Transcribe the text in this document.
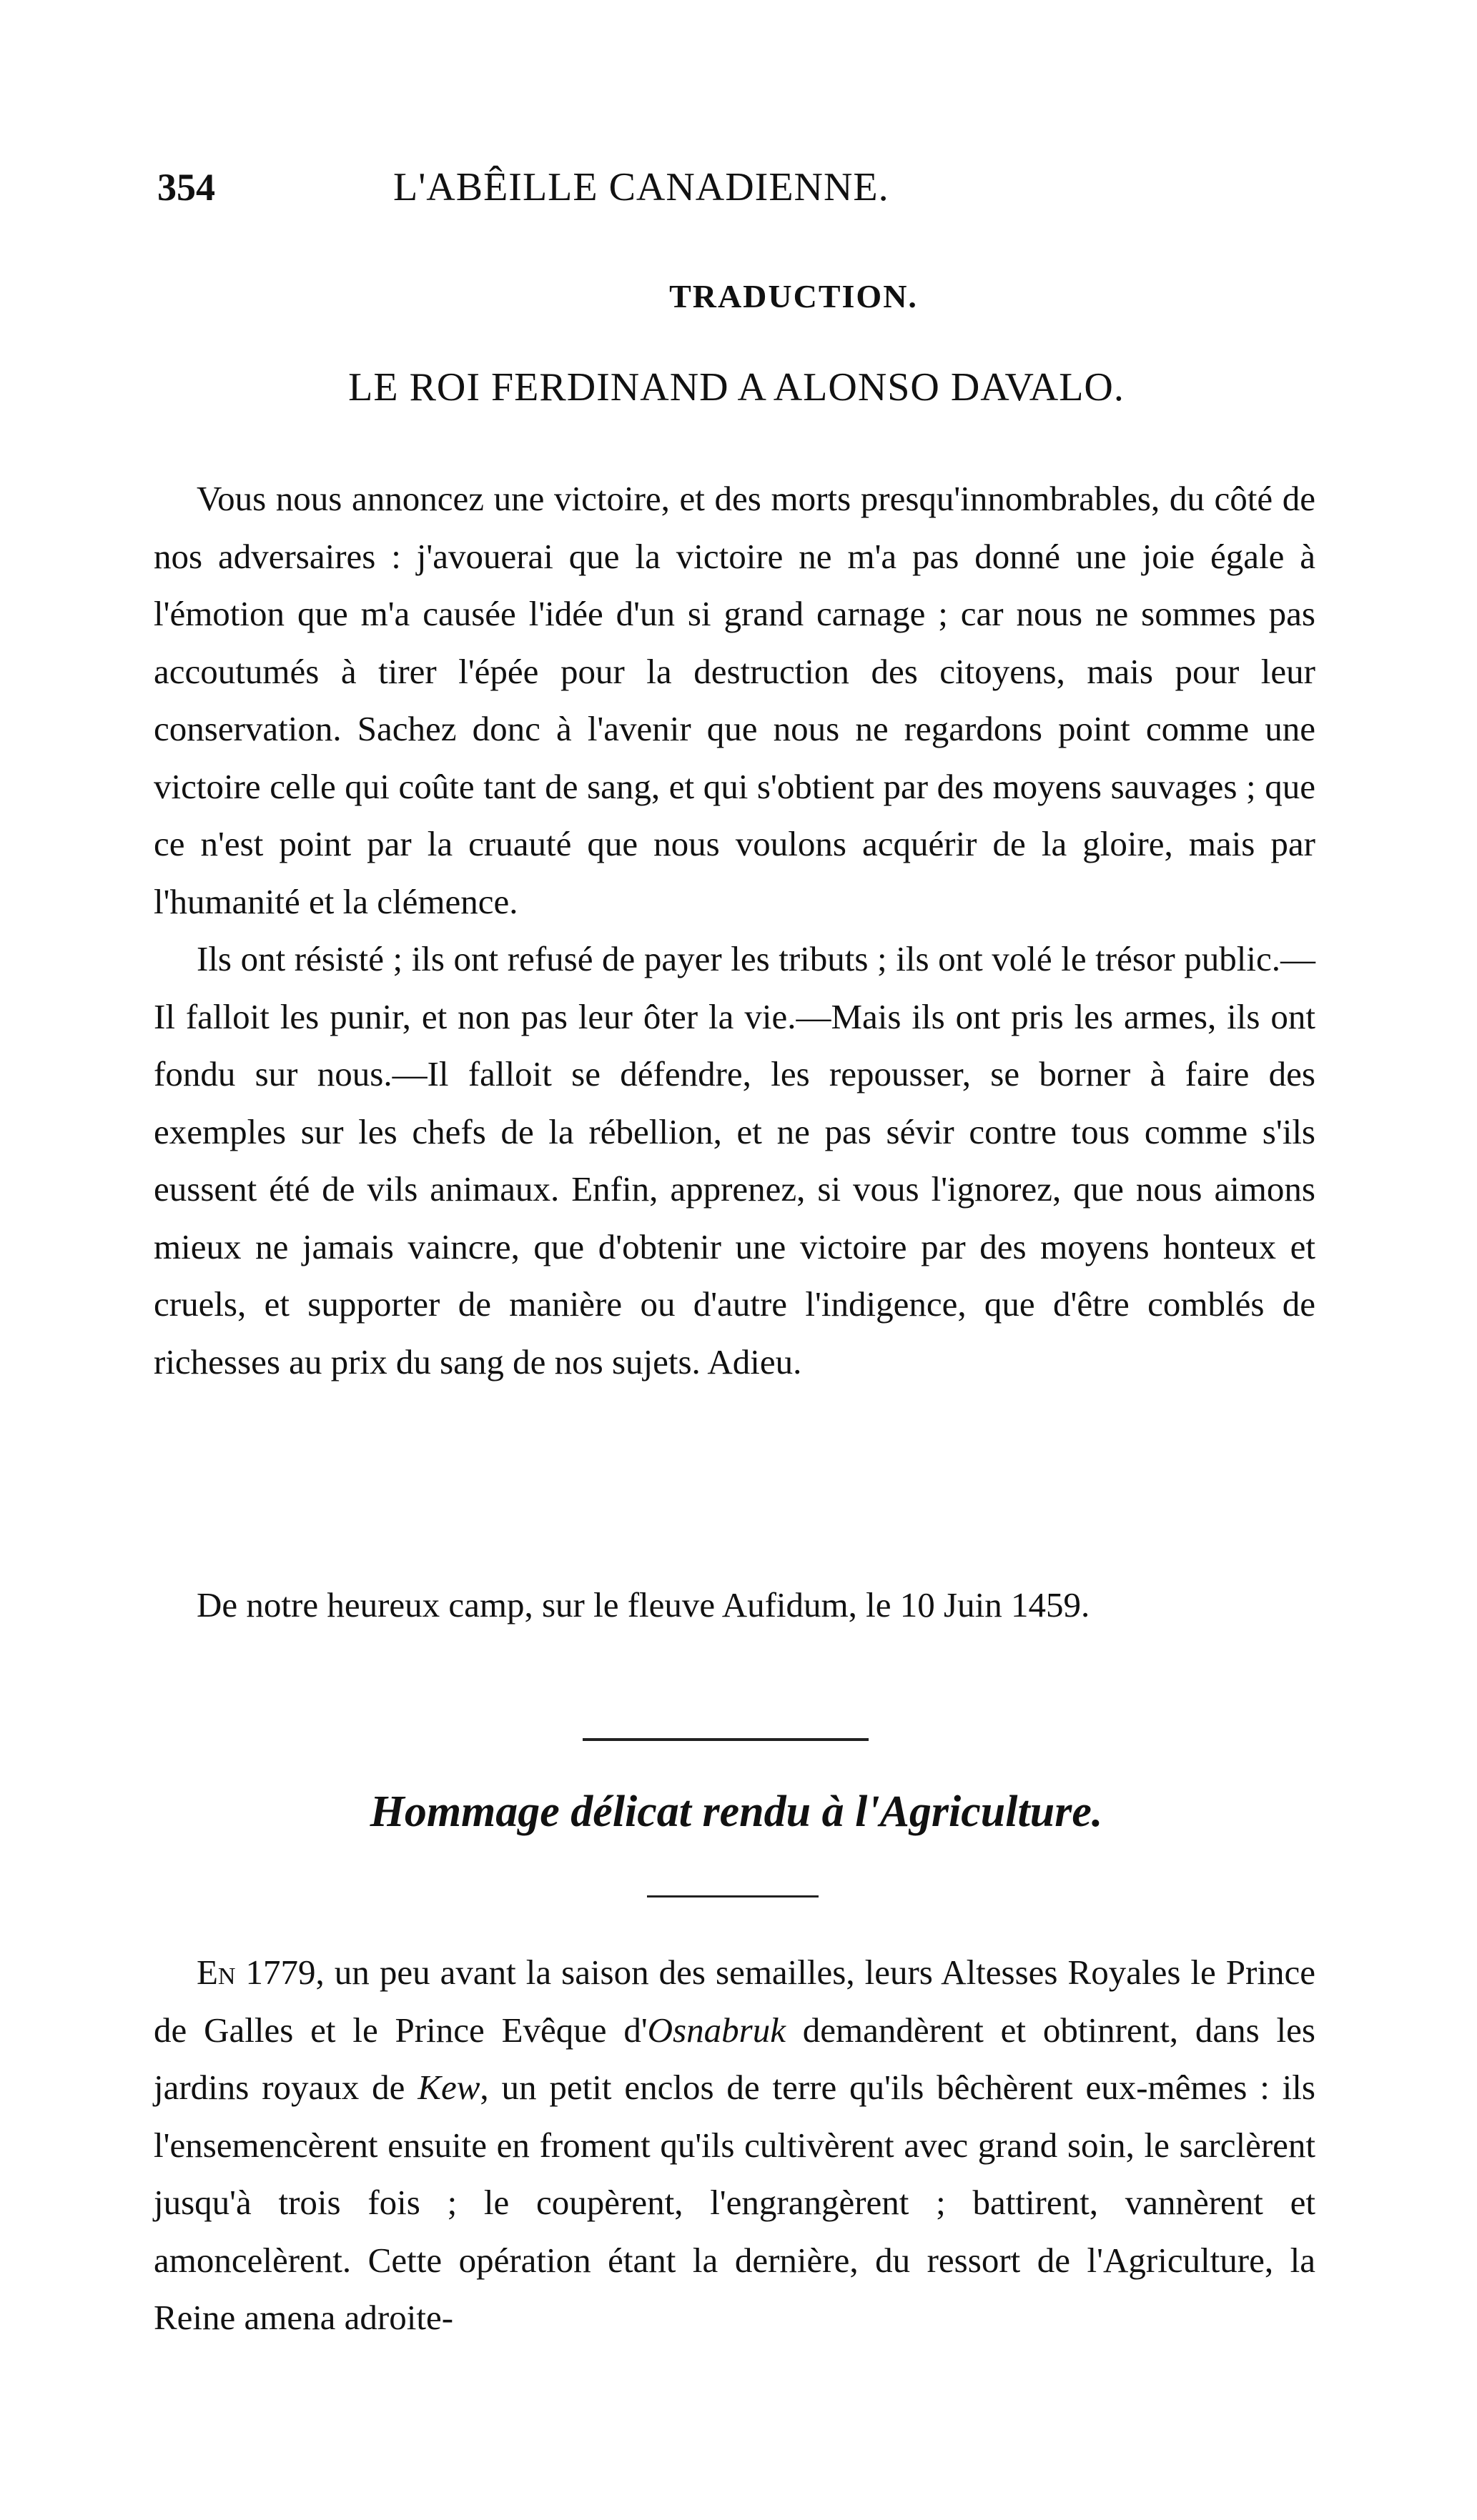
354	L'ABÊILLE CANADIENNE.
TRADUCTION.
LE ROI FERDINAND A ALONSO DAVALO.

Vous nous annoncez une victoire, et des morts presqu'innombrables, du côté de nos adversaires : j'avouerai que la victoire ne m'a pas donné une joie égale à l'émotion que m'a causée l'idée d'un si grand carnage ; car nous ne sommes pas accoutumés à tirer l'épée pour la destruction des citoyens, mais pour leur conservation. Sachez donc à l'avenir que nous ne regardons point comme une victoire celle qui coûte tant de sang, et qui s'obtient par des moyens sauvages ; que ce n'est point par la cruauté que nous voulons acquérir de la gloire, mais par l'humanité et la clémence.

Ils ont résisté ; ils ont refusé de payer les tributs ; ils ont volé le trésor public.—Il falloit les punir, et non pas leur ôter la vie.—Mais ils ont pris les armes, ils ont fondu sur nous.—Il falloit se défendre, les repousser, se borner à faire des exemples sur les chefs de la rébellion, et ne pas sévir contre tous comme s'ils eussent été de vils animaux. Enfin, apprenez, si vous l'ignorez, que nous aimons mieux ne jamais vaincre, que d'obtenir une victoire par des moyens honteux et cruels, et supporter de manière ou d'autre l'indigence, que d'être comblés de richesses au prix du sang de nos sujets. Adieu.

De notre heureux camp, sur le fleuve Aufidum, le 10 Juin 1459.

Hommage délicat rendu à l'Agriculture.

En 1779, un peu avant la saison des semailles, leurs Altesses Royales le Prince de Galles et le Prince Evêque d'Osnabruk demandèrent et obtinrent, dans les jardins royaux de Kew, un petit enclos de terre qu'ils bêchèrent eux-mêmes : ils l'ensemencèrent ensuite en froment qu'ils cultivèrent avec grand soin, le sarclèrent jusqu'à trois fois ; le coupèrent, l'engrangèrent ; battirent, vannèrent et amoncelèrent. Cette opération étant la dernière, du ressort de l'Agriculture, la Reine amena adroite-
